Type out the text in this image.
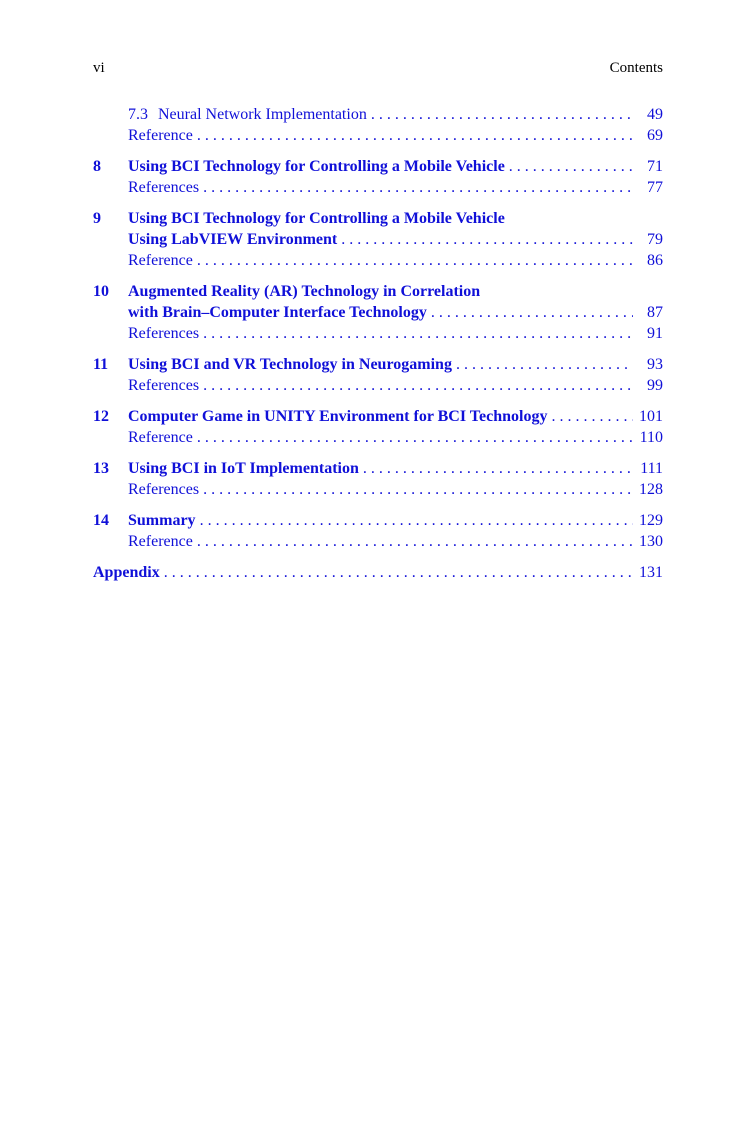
vi	Contents
7.3 Neural Network Implementation . . .	49
Reference . . .	69
8	Using BCI Technology for Controlling a Mobile Vehicle . . .	71
References . . .	77
9	Using BCI Technology for Controlling a Mobile Vehicle
Using LabVIEW Environment . . .	79
Reference . . .	86
10	Augmented Reality (AR) Technology in Correlation
with Brain–Computer Interface Technology . . .	87
References . . .	91
11	Using BCI and VR Technology in Neurogaming . . .	93
References . . .	99
12	Computer Game in UNITY Environment for BCI Technology . . .	101
Reference . . .	110
13	Using BCI in IoT Implementation . . .	111
References . . .	128
14	Summary . . .	129
Reference . . .	130
Appendix . . .	131
